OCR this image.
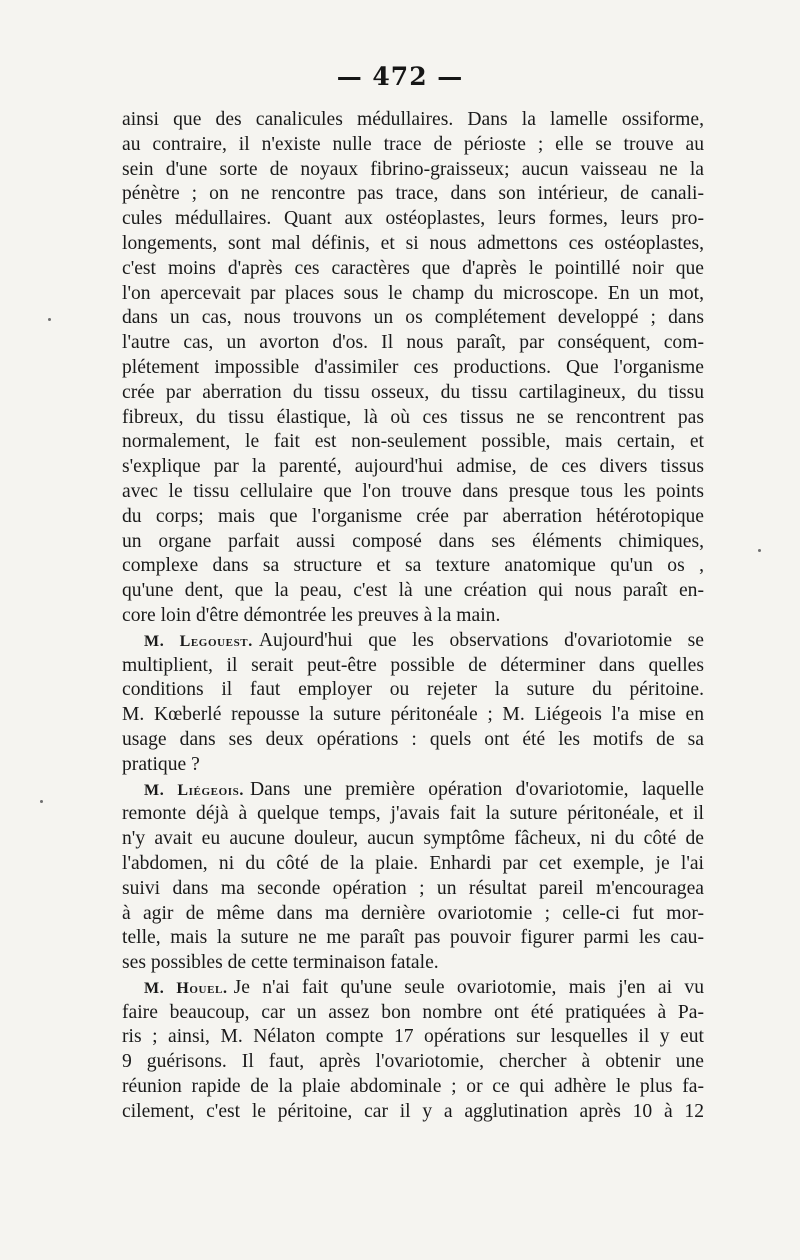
— 472 —
ainsi que des canalicules médullaires. Dans la lamelle ossiforme,
au contraire, il n'existe nulle trace de périoste ; elle se trouve au
sein d'une sorte de noyaux fibrino-graisseux; aucun vaisseau ne la
pénètre ; on ne rencontre pas trace, dans son intérieur, de canali-
cules médullaires. Quant aux ostéoplastes, leurs formes, leurs pro-
longements, sont mal définis, et si nous admettons ces ostéoplastes,
c'est moins d'après ces caractères que d'après le pointillé noir que
l'on apercevait par places sous le champ du microscope. En un mot,
dans un cas, nous trouvons un os complétement developpé ; dans
l'autre cas, un avorton d'os. Il nous paraît, par conséquent, com-
plétement impossible d'assimiler ces productions. Que l'organisme
crée par aberration du tissu osseux, du tissu cartilagineux, du tissu
fibreux, du tissu élastique, là où ces tissus ne se rencontrent pas
normalement, le fait est non-seulement possible, mais certain, et
s'explique par la parenté, aujourd'hui admise, de ces divers tissus
avec le tissu cellulaire que l'on trouve dans presque tous les points
du corps; mais que l'organisme crée par aberration hétérotopique
un organe parfait aussi composé dans ses éléments chimiques,
complexe dans sa structure et sa texture anatomique qu'un os ,
qu'une dent, que la peau, c'est là une création qui nous paraît en-
core loin d'être démontrée les preuves à la main.
M. Legouest. Aujourd'hui que les observations d'ovariotomie se
multiplient, il serait peut-être possible de déterminer dans quelles
conditions il faut employer ou rejeter la suture du péritoine.
M. Kœberlé repousse la suture péritonéale ; M. Liégeois l'a mise en
usage dans ses deux opérations : quels ont été les motifs de sa
pratique ?
M. Liégeois. Dans une première opération d'ovariotomie, laquelle
remonte déjà à quelque temps, j'avais fait la suture péritonéale, et il
n'y avait eu aucune douleur, aucun symptôme fâcheux, ni du côté de
l'abdomen, ni du côté de la plaie. Enhardi par cet exemple, je l'ai
suivi dans ma seconde opération ; un résultat pareil m'encouragea
à agir de même dans ma dernière ovariotomie ; celle-ci fut mor-
telle, mais la suture ne me paraît pas pouvoir figurer parmi les cau-
ses possibles de cette terminaison fatale.
M. Houel. Je n'ai fait qu'une seule ovariotomie, mais j'en ai vu
faire beaucoup, car un assez bon nombre ont été pratiquées à Pa-
ris ; ainsi, M. Nélaton compte 17 opérations sur lesquelles il y eut
9 guérisons. Il faut, après l'ovariotomie, chercher à obtenir une
réunion rapide de la plaie abdominale ; or ce qui adhère le plus fa-
cilement, c'est le péritoine, car il y a agglutination après 10 à 12
